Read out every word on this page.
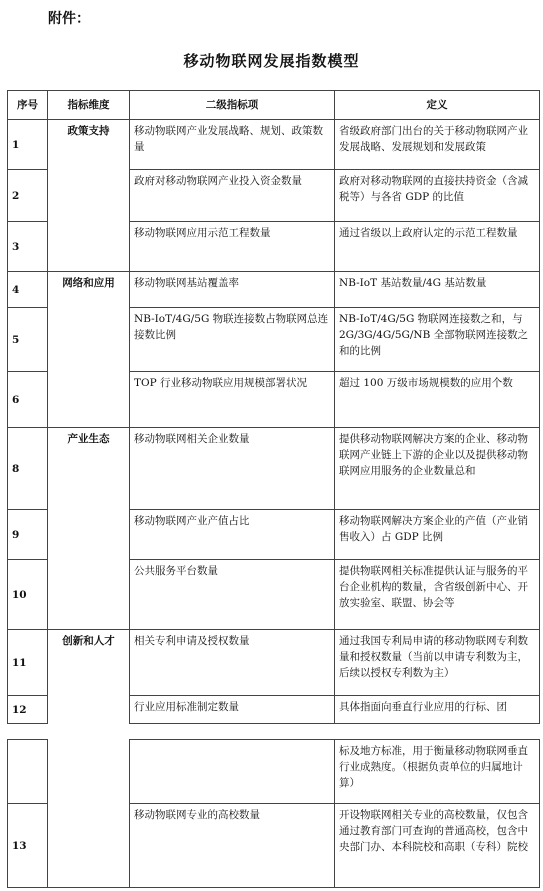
附件：
移动物联网发展指数模型
序号	指标维度	二级指标项	定义
1	政策支持	移动物联网产业发展战略、规划、政策数量	省级政府部门出台的关于移动物联网产业发展战略、发展规划和发展政策
2		政府对移动物联网产业投入资金数量	政府对移动物联网的直接扶持资金（含减税等）与各省 GDP 的比值
3		移动物联网应用示范工程数量	通过省级以上政府认定的示范工程数量
4	网络和应用	移动物联网基站覆盖率	NB-IoT 基站数量/4G 基站数量
5		NB-IoT/4G/5G 物联连接数占物联网总连接数比例	NB-IoT/4G/5G 物联网连接数之和，与 2G/3G/4G/5G/NB 全部物联网连接数之和的比例
6		TOP 行业移动物联应用规模部署状况	超过 100 万级市场规模数的应用个数
8	产业生态	移动物联网相关企业数量	提供移动物联网解决方案的企业、移动物联网产业链上下游的企业以及提供移动物联网应用服务的企业数量总和
9		移动物联网产业产值占比	移动物联网解决方案企业的产值（产业销售收入）占 GDP 比例
10		公共服务平台数量	提供物联网相关标准提供认证与服务的平台企业机构的数量，含省级创新中心、开放实验室、联盟、协会等
11	创新和人才	相关专利申请及授权数量	通过我国专利局申请的移动物联网专利数量和授权数量（当前以申请专利数为主，后续以授权专利数为主）
12		行业应用标准制定数量	具体指面向垂直行业应用的行标、团
			标及地方标准，用于衡量移动物联网垂直行业成熟度。（根据负责单位的归属地计算）
13		移动物联网专业的高校数量	开设物联网相关专业的高校数量，仅包含通过教育部门可查询的普通高校，包含中央部门办、本科院校和高职（专科）院校
